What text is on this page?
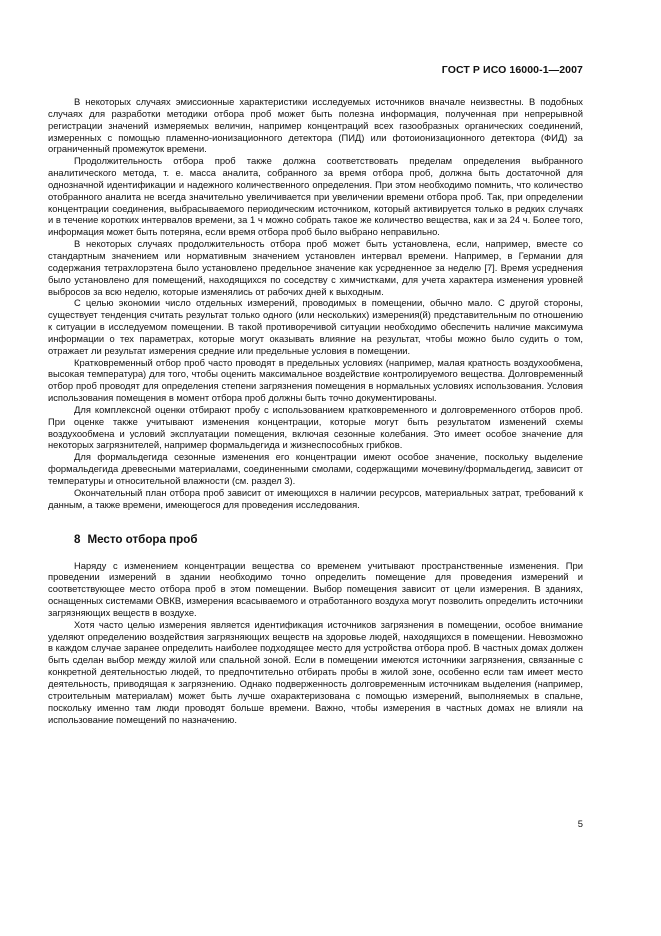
ГОСТ Р ИСО 16000-1—2007

В некоторых случаях эмиссионные характеристики исследуемых источников вначале неизвестны. В подобных случаях для разработки методики отбора проб может быть полезна информация, полученная при непрерывной регистрации значений измеряемых величин, например концентраций всех газообразных органических соединений, измеренных с помощью пламенно-ионизационного детектора (ПИД) или фотоионизационного детектора (ФИД) за ограниченный промежуток времени.

Продолжительность отбора проб также должна соответствовать пределам определения выбранного аналитического метода, т. е. масса аналита, собранного за время отбора проб, должна быть достаточной для однозначной идентификации и надежного количественного определения. При этом необходимо помнить, что количество отобранного аналита не всегда значительно увеличивается при увеличении времени отбора проб. Так, при определении концентрации соединения, выбрасываемого периодическим источником, который активируется только в редких случаях и в течение коротких интервалов времени, за 1 ч можно собрать такое же количество вещества, как и за 24 ч. Более того, информация может быть потеряна, если время отбора проб было выбрано неправильно.

В некоторых случаях продолжительность отбора проб может быть установлена, если, например, вместе со стандартным значением или нормативным значением установлен интервал времени. Например, в Германии для содержания тетрахлорэтена было установлено предельное значение как усредненное за неделю [7]. Время усреднения было установлено для помещений, находящихся по соседству с химчистками, для учета характера изменения уровней выбросов за всю неделю, которые изменялись от рабочих дней к выходным.

С целью экономии число отдельных измерений, проводимых в помещении, обычно мало. С другой стороны, существует тенденция считать результат только одного (или нескольких) измерения(й) представительным по отношению к ситуации в исследуемом помещении. В такой противоречивой ситуации необходимо обеспечить наличие максимума информации о тех параметрах, которые могут оказывать влияние на результат, чтобы можно было судить о том, отражает ли результат измерения средние или предельные условия в помещении.

Кратковременный отбор проб часто проводят в предельных условиях (например, малая кратность воздухообмена, высокая температура) для того, чтобы оценить максимальное воздействие контролируемого вещества. Долговременный отбор проб проводят для определения степени загрязнения помещения в нормальных условиях использования. Условия использования помещения в момент отбора проб должны быть точно документированы.

Для комплексной оценки отбирают пробу с использованием кратковременного и долговременного отборов проб. При оценке также учитывают изменения концентрации, которые могут быть результатом изменений схемы воздухообмена и условий эксплуатации помещения, включая сезонные колебания. Это имеет особое значение для некоторых загрязнителей, например формальдегида и жизнеспособных грибков.

Для формальдегида сезонные изменения его концентрации имеют особое значение, поскольку выделение формальдегида древесными материалами, соединенными смолами, содержащими мочевину/формальдегид, зависит от температуры и относительной влажности (см. раздел 3).

Окончательный план отбора проб зависит от имеющихся в наличии ресурсов, материальных затрат, требований к данным, а также времени, имеющегося для проведения исследования.

8 Место отбора проб

Наряду с изменением концентрации вещества со временем учитывают пространственные изменения. При проведении измерений в здании необходимо точно определить помещение для проведения измерений и соответствующее место отбора проб в этом помещении. Выбор помещения зависит от цели измерения. В зданиях, оснащенных системами ОВКВ, измерения всасываемого и отработанного воздуха могут позволить определить источники загрязняющих веществ в воздухе.

Хотя часто целью измерения является идентификация источников загрязнения в помещении, особое внимание уделяют определению воздействия загрязняющих веществ на здоровье людей, находящихся в помещении. Невозможно в каждом случае заранее определить наиболее подходящее место для устройства отбора проб. В частных домах должен быть сделан выбор между жилой или спальной зоной. Если в помещении имеются источники загрязнения, связанные с конкретной деятельностью людей, то предпочтительно отбирать пробы в жилой зоне, особенно если там имеет место деятельность, приводящая к загрязнению. Однако подверженность долговременным источникам выделения (например, строительным материалам) может быть лучше охарактеризована с помощью измерений, выполняемых в спальне, поскольку именно там люди проводят больше времени. Важно, чтобы измерения в частных домах не влияли на использование помещений по назначению.

5
